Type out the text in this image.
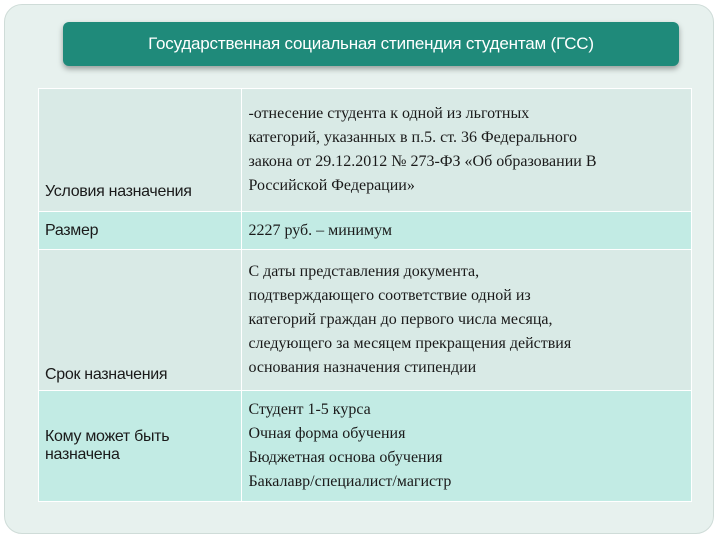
Государственная социальная стипендия студентам (ГСС)
Условия назначения	-отнесение студента к одной из льготных
категорий, указанных в п.5. ст. 36 Федерального
закона от 29.12.2012 № 273-ФЗ «Об образовании В
Российской Федерации»

Размер	2227 руб. – минимум

Срок назначения	С даты представления документа,
подтверждающего соответствие одной из
категорий граждан до первого числа месяца,
следующего за месяцем прекращения действия
основания назначения стипендии

Кому может быть назначена	Студент 1-5 курса
Очная форма обучения
Бюджетная основа обучения
Бакалавр/специалист/магистр
